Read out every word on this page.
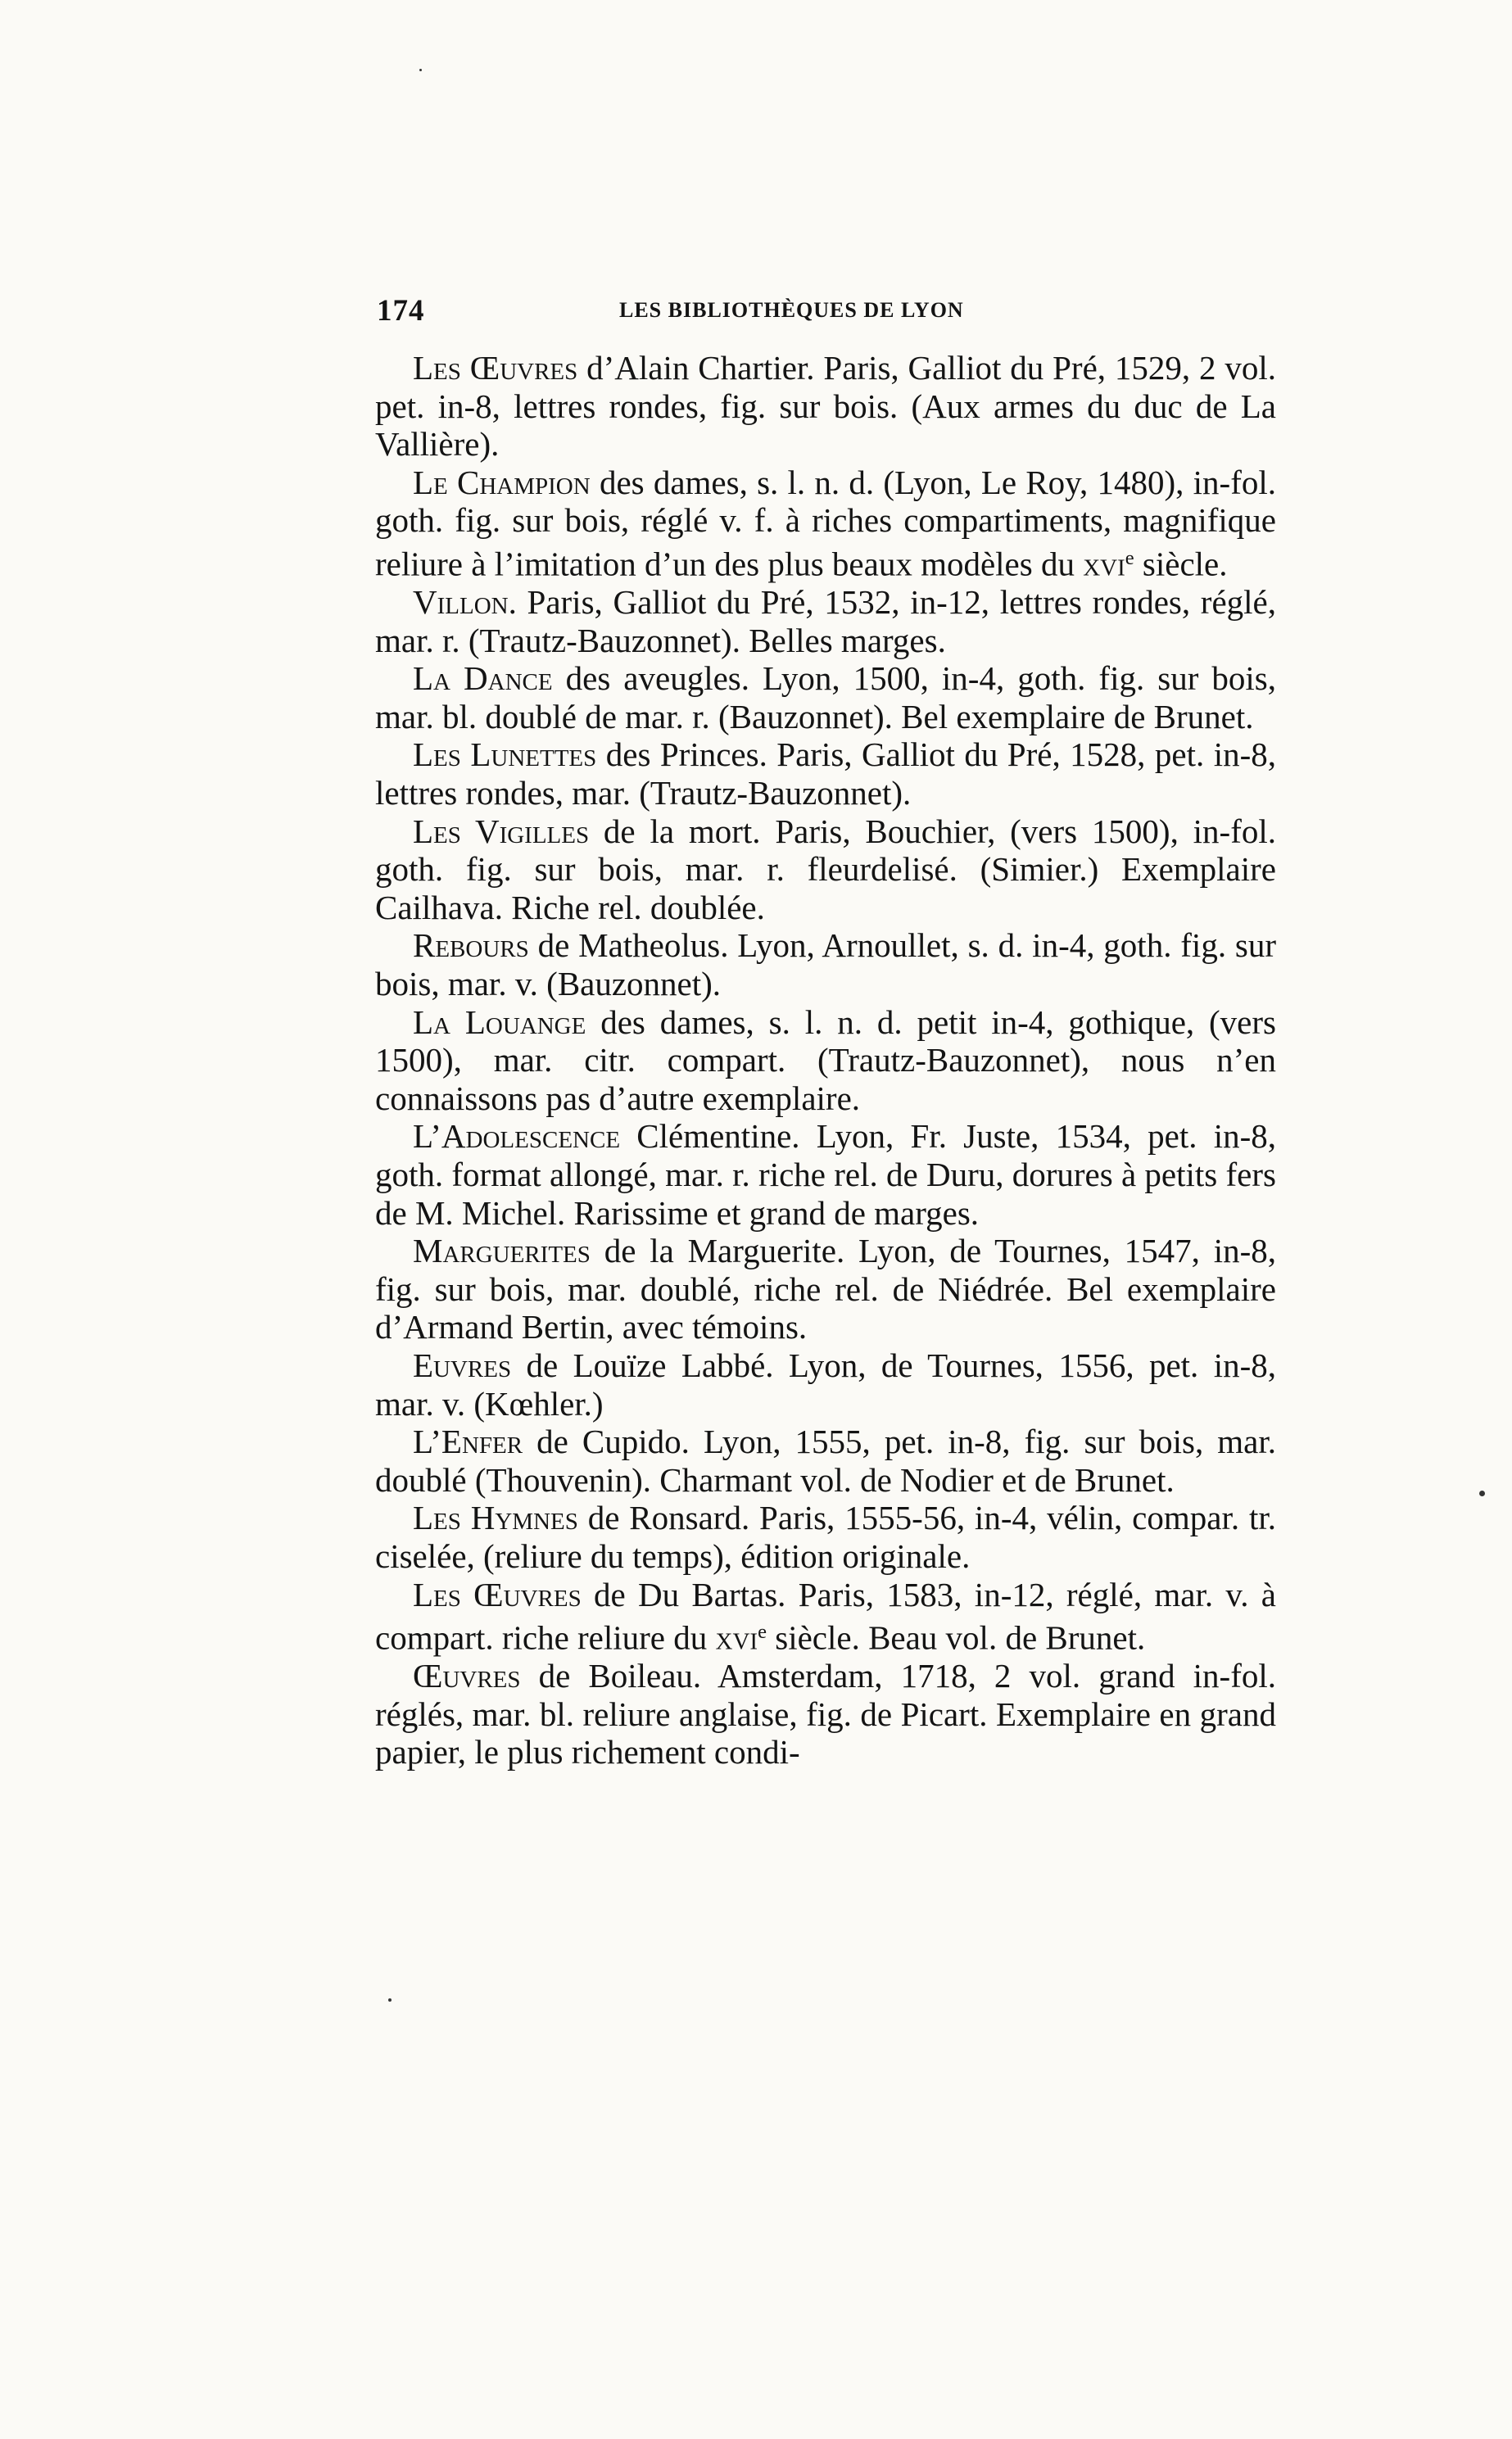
174	LES BIBLIOTHÈQUES DE LYON

Les Œuvres d’Alain Chartier. Paris, Galliot du Pré, 1529, 2 vol. pet. in-8, lettres rondes, fig. sur bois. (Aux armes du duc de La Vallière).

Le Champion des dames, s. l. n. d. (Lyon, Le Roy, 1480), in-fol. goth. fig. sur bois, réglé v. f. à riches compartiments, magnifique reliure à l’imitation d’un des plus beaux modèles du xvi$^e$ siècle.

Villon. Paris, Galliot du Pré, 1532, in-12, lettres rondes, réglé, mar. r. (Trautz-Bauzonnet). Belles marges.

La Dance des aveugles. Lyon, 1500, in-4, goth. fig. sur bois, mar. bl. doublé de mar. r. (Bauzonnet). Bel exemplaire de Brunet.

Les Lunettes des Princes. Paris, Galliot du Pré, 1528, pet. in-8, lettres rondes, mar. (Trautz-Bauzonnet).

Les Vigilles de la mort. Paris, Bouchier, (vers 1500), in-fol. goth. fig. sur bois, mar. r. fleurdelisé. (Simier.) Exemplaire Cailhava. Riche rel. doublée.

Rebours de Matheolus. Lyon, Arnoullet, s. d. in-4, goth. fig. sur bois, mar. v. (Bauzonnet).

La Louange des dames, s. l. n. d. petit in-4, gothique, (vers 1500), mar. citr. compart. (Trautz-Bauzonnet), nous n’en connaissons pas d’autre exemplaire.

L’Adolescence Clémentine. Lyon, Fr. Juste, 1534, pet. in-8, goth. format allongé, mar. r. riche rel. de Duru, dorures à petits fers de M. Michel. Rarissime et grand de marges.

Marguerites de la Marguerite. Lyon, de Tournes, 1547, in-8, fig. sur bois, mar. doublé, riche rel. de Niédrée. Bel exemplaire d’Armand Bertin, avec témoins.

Euvres de Louïze Labbé. Lyon, de Tournes, 1556, pet. in-8, mar. v. (Kœhler.)

L’Enfer de Cupido. Lyon, 1555, pet. in-8, fig. sur bois, mar. doublé (Thouvenin). Charmant vol. de Nodier et de Brunet.

Les Hymnes de Ronsard. Paris, 1555-56, in-4, vélin, compar. tr. ciselée, (reliure du temps), édition originale.

Les Œuvres de Du Bartas. Paris, 1583, in-12, réglé, mar. v. à compart. riche reliure du xvi$^e$ siècle. Beau vol. de Brunet.

Œuvres de Boileau. Amsterdam, 1718, 2 vol. grand in-fol. réglés, mar. bl. reliure anglaise, fig. de Picart. Exemplaire en grand papier, le plus richement condi-
